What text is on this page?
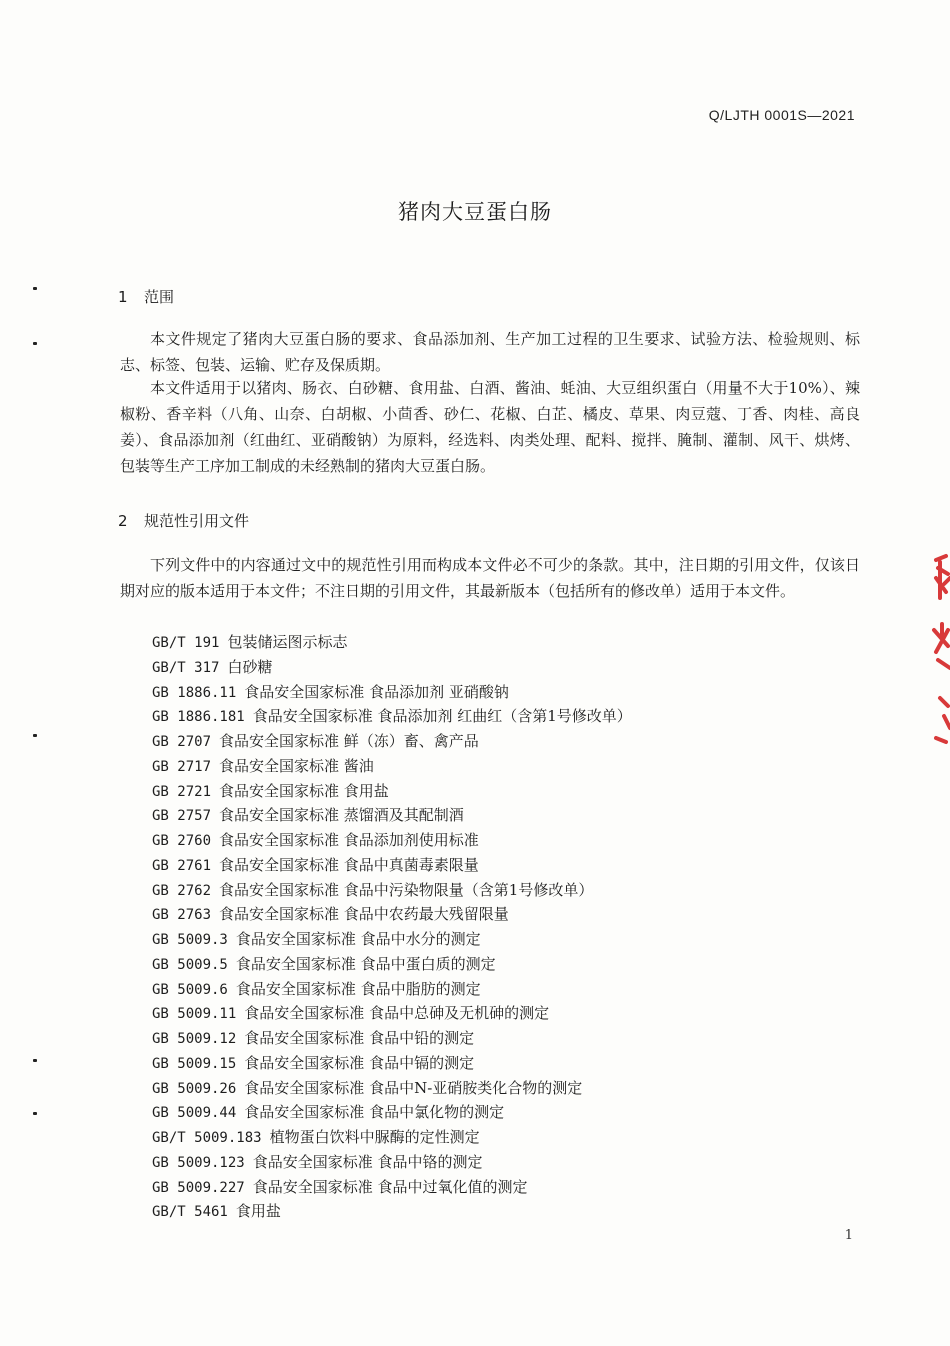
Q/LJTH 0001S—2021
猪肉大豆蛋白肠
1 范围

本文件规定了猪肉大豆蛋白肠的要求、食品添加剂、生产加工过程的卫生要求、试验方法、检验规则、标志、标签、包装、运输、贮存及保质期。

本文件适用于以猪肉、肠衣、白砂糖、食用盐、白酒、酱油、蚝油、大豆组织蛋白（用量不大于10%）、辣椒粉、香辛料（八角、山奈、白胡椒、小茴香、砂仁、花椒、白芷、橘皮、草果、肉豆蔻、丁香、肉桂、高良姜）、食品添加剂（红曲红、亚硝酸钠）为原料，经选料、肉类处理、配料、搅拌、腌制、灌制、风干、烘烤、包装等生产工序加工制成的未经熟制的猪肉大豆蛋白肠。

2 规范性引用文件

下列文件中的内容通过文中的规范性引用而构成本文件必不可少的条款。其中，注日期的引用文件，仅该日期对应的版本适用于本文件；不注日期的引用文件，其最新版本（包括所有的修改单）适用于本文件。

GB/T 191 包装储运图示标志
GB/T 317 白砂糖
GB 1886.11 食品安全国家标准 食品添加剂 亚硝酸钠
GB 1886.181 食品安全国家标准 食品添加剂 红曲红（含第1号修改单）
GB 2707 食品安全国家标准 鲜（冻）畜、禽产品
GB 2717 食品安全国家标准 酱油
GB 2721 食品安全国家标准 食用盐
GB 2757 食品安全国家标准 蒸馏酒及其配制酒
GB 2760 食品安全国家标准 食品添加剂使用标准
GB 2761 食品安全国家标准 食品中真菌毒素限量
GB 2762 食品安全国家标准 食品中污染物限量（含第1号修改单）
GB 2763 食品安全国家标准 食品中农药最大残留限量
GB 5009.3 食品安全国家标准 食品中水分的测定
GB 5009.5 食品安全国家标准 食品中蛋白质的测定
GB 5009.6 食品安全国家标准 食品中脂肪的测定
GB 5009.11 食品安全国家标准 食品中总砷及无机砷的测定
GB 5009.12 食品安全国家标准 食品中铅的测定
GB 5009.15 食品安全国家标准 食品中镉的测定
GB 5009.26 食品安全国家标准 食品中N-亚硝胺类化合物的测定
GB 5009.44 食品安全国家标准 食品中氯化物的测定
GB/T 5009.183 植物蛋白饮料中脲酶的定性测定
GB 5009.123 食品安全国家标准 食品中铬的测定
GB 5009.227 食品安全国家标准 食品中过氧化值的测定
GB/T 5461 食用盐
1
